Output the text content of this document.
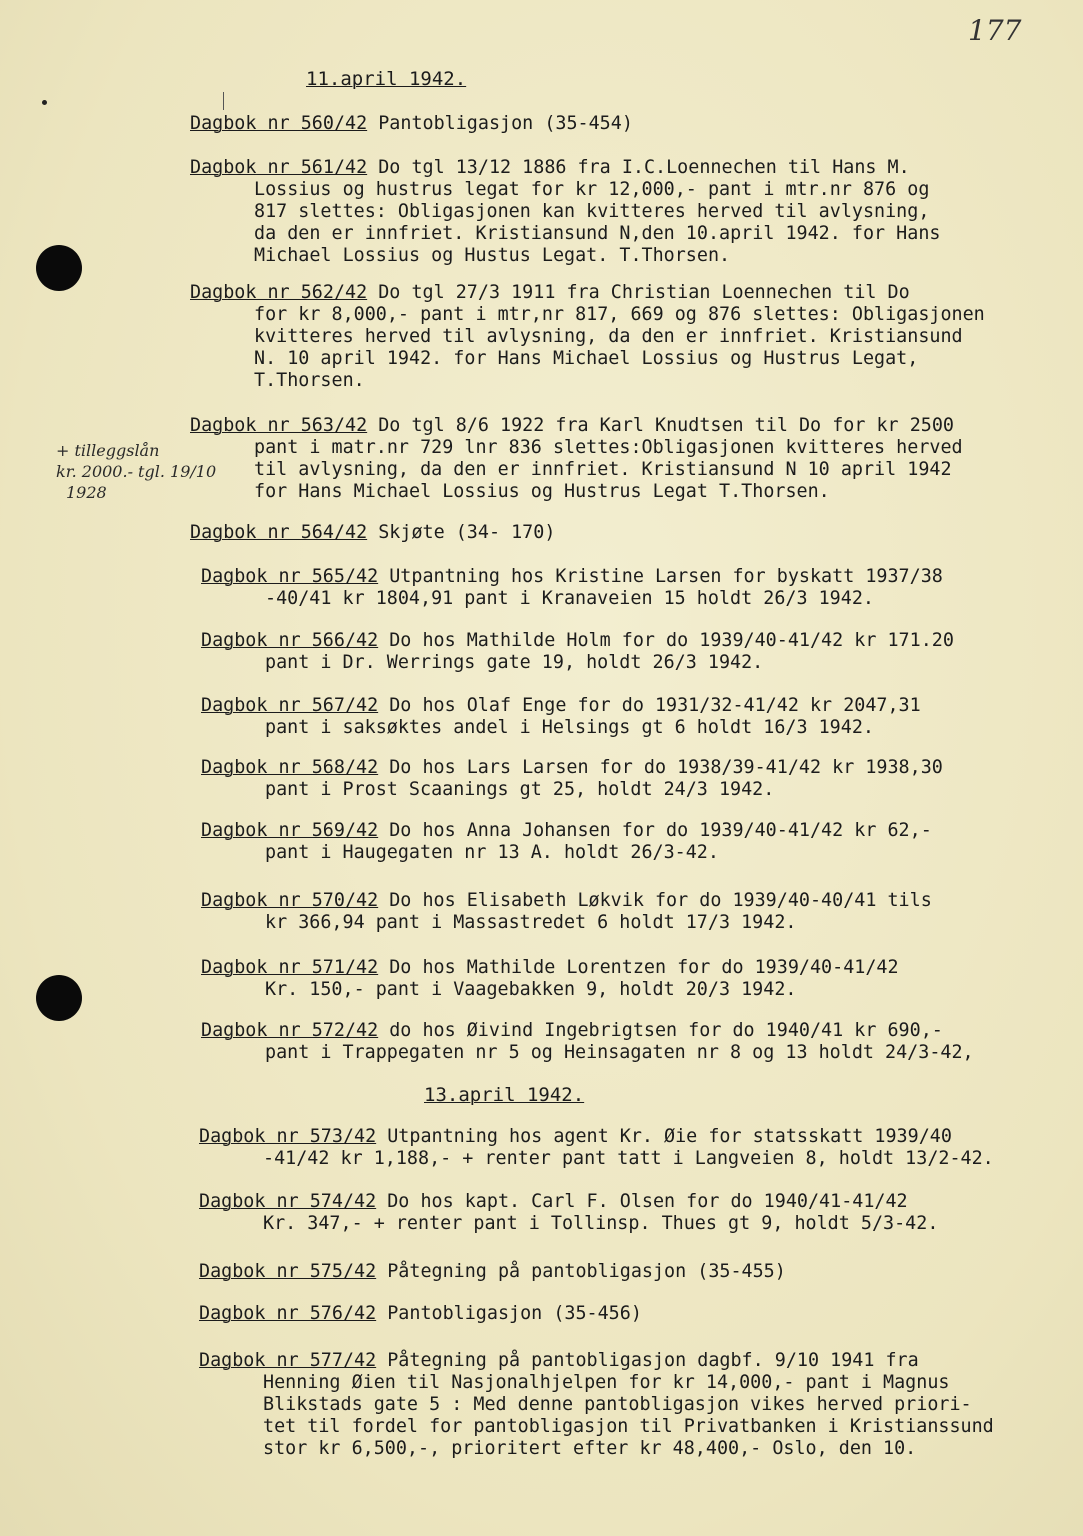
177
11.april 1942.
13.april 1942.
+ tilleggslån
kr. 2000.- tgl. 19/10
1928
Dagbok nr 560/42 Pantobligasjon (35-454)
Dagbok nr 561/42 Do tgl 13/12 1886 fra I.C.Loennechen til Hans M.
Lossius og hustrus legat for kr 12,000,- pant i mtr.nr 876 og
817 slettes: Obligasjonen kan kvitteres herved til avlysning,
da den er innfriet. Kristiansund N,den 10.april 1942. for Hans
Michael Lossius og Hustus Legat. T.Thorsen.
Dagbok nr 562/42 Do tgl 27/3 1911 fra Christian Loennechen til Do
for kr 8,000,- pant i mtr,nr 817, 669 og 876 slettes: Obligasjonen
kvitteres herved til avlysning, da den er innfriet. Kristiansund
N. 10 april 1942. for Hans Michael Lossius og Hustrus Legat,
T.Thorsen.
Dagbok nr 563/42 Do tgl 8/6 1922 fra Karl Knudtsen til Do for kr 2500
pant i matr.nr 729 lnr 836 slettes:Obligasjonen kvitteres herved
til avlysning, da den er innfriet. Kristiansund N 10 april 1942
for Hans Michael Lossius og Hustrus Legat T.Thorsen.
Dagbok nr 564/42 Skjøte (34- 170)
Dagbok nr 565/42 Utpantning hos Kristine Larsen for byskatt 1937/38
-40/41 kr 1804,91 pant i Kranaveien 15 holdt 26/3 1942.
Dagbok nr 566/42 Do hos Mathilde Holm for do 1939/40-41/42 kr 171.20
pant i Dr. Werrings gate 19, holdt 26/3 1942.
Dagbok nr 567/42 Do hos Olaf Enge for do 1931/32-41/42 kr 2047,31
pant i saksøktes andel i Helsings gt 6 holdt 16/3 1942.
Dagbok nr 568/42 Do hos Lars Larsen for do 1938/39-41/42 kr 1938,30
pant i Prost Scaanings gt 25, holdt 24/3 1942.
Dagbok nr 569/42 Do hos Anna Johansen for do 1939/40-41/42 kr 62,-
pant i Haugegaten nr 13 A. holdt 26/3-42.
Dagbok nr 570/42 Do hos Elisabeth Løkvik for do 1939/40-40/41 tils
kr 366,94 pant i Massastredet 6 holdt 17/3 1942.
Dagbok nr 571/42 Do hos Mathilde Lorentzen for do 1939/40-41/42
Kr. 150,- pant i Vaagebakken 9, holdt 20/3 1942.
Dagbok nr 572/42 do hos Øivind Ingebrigtsen for do 1940/41 kr 690,-
pant i Trappegaten nr 5 og Heinsagaten nr 8 og 13 holdt 24/3-42,
Dagbok nr 573/42 Utpantning hos agent Kr. Øie for statsskatt 1939/40
-41/42 kr 1,188,- + renter pant tatt i Langveien 8, holdt 13/2-42.
Dagbok nr 574/42 Do hos kapt. Carl F. Olsen for do 1940/41-41/42
Kr. 347,- + renter pant i Tollinsp. Thues gt 9, holdt 5/3-42.
Dagbok nr 575/42 Påtegning på pantobligasjon (35-455)
Dagbok nr 576/42 Pantobligasjon (35-456)
Dagbok nr 577/42 Påtegning på pantobligasjon dagbf. 9/10 1941 fra
Henning Øien til Nasjonalhjelpen for kr 14,000,- pant i Magnus
Blikstads gate 5 : Med denne pantobligasjon vikes herved priori-
tet til fordel for pantobligasjon til Privatbanken i Kristianssund
stor kr 6,500,-, prioritert efter kr 48,400,- Oslo, den 10.
